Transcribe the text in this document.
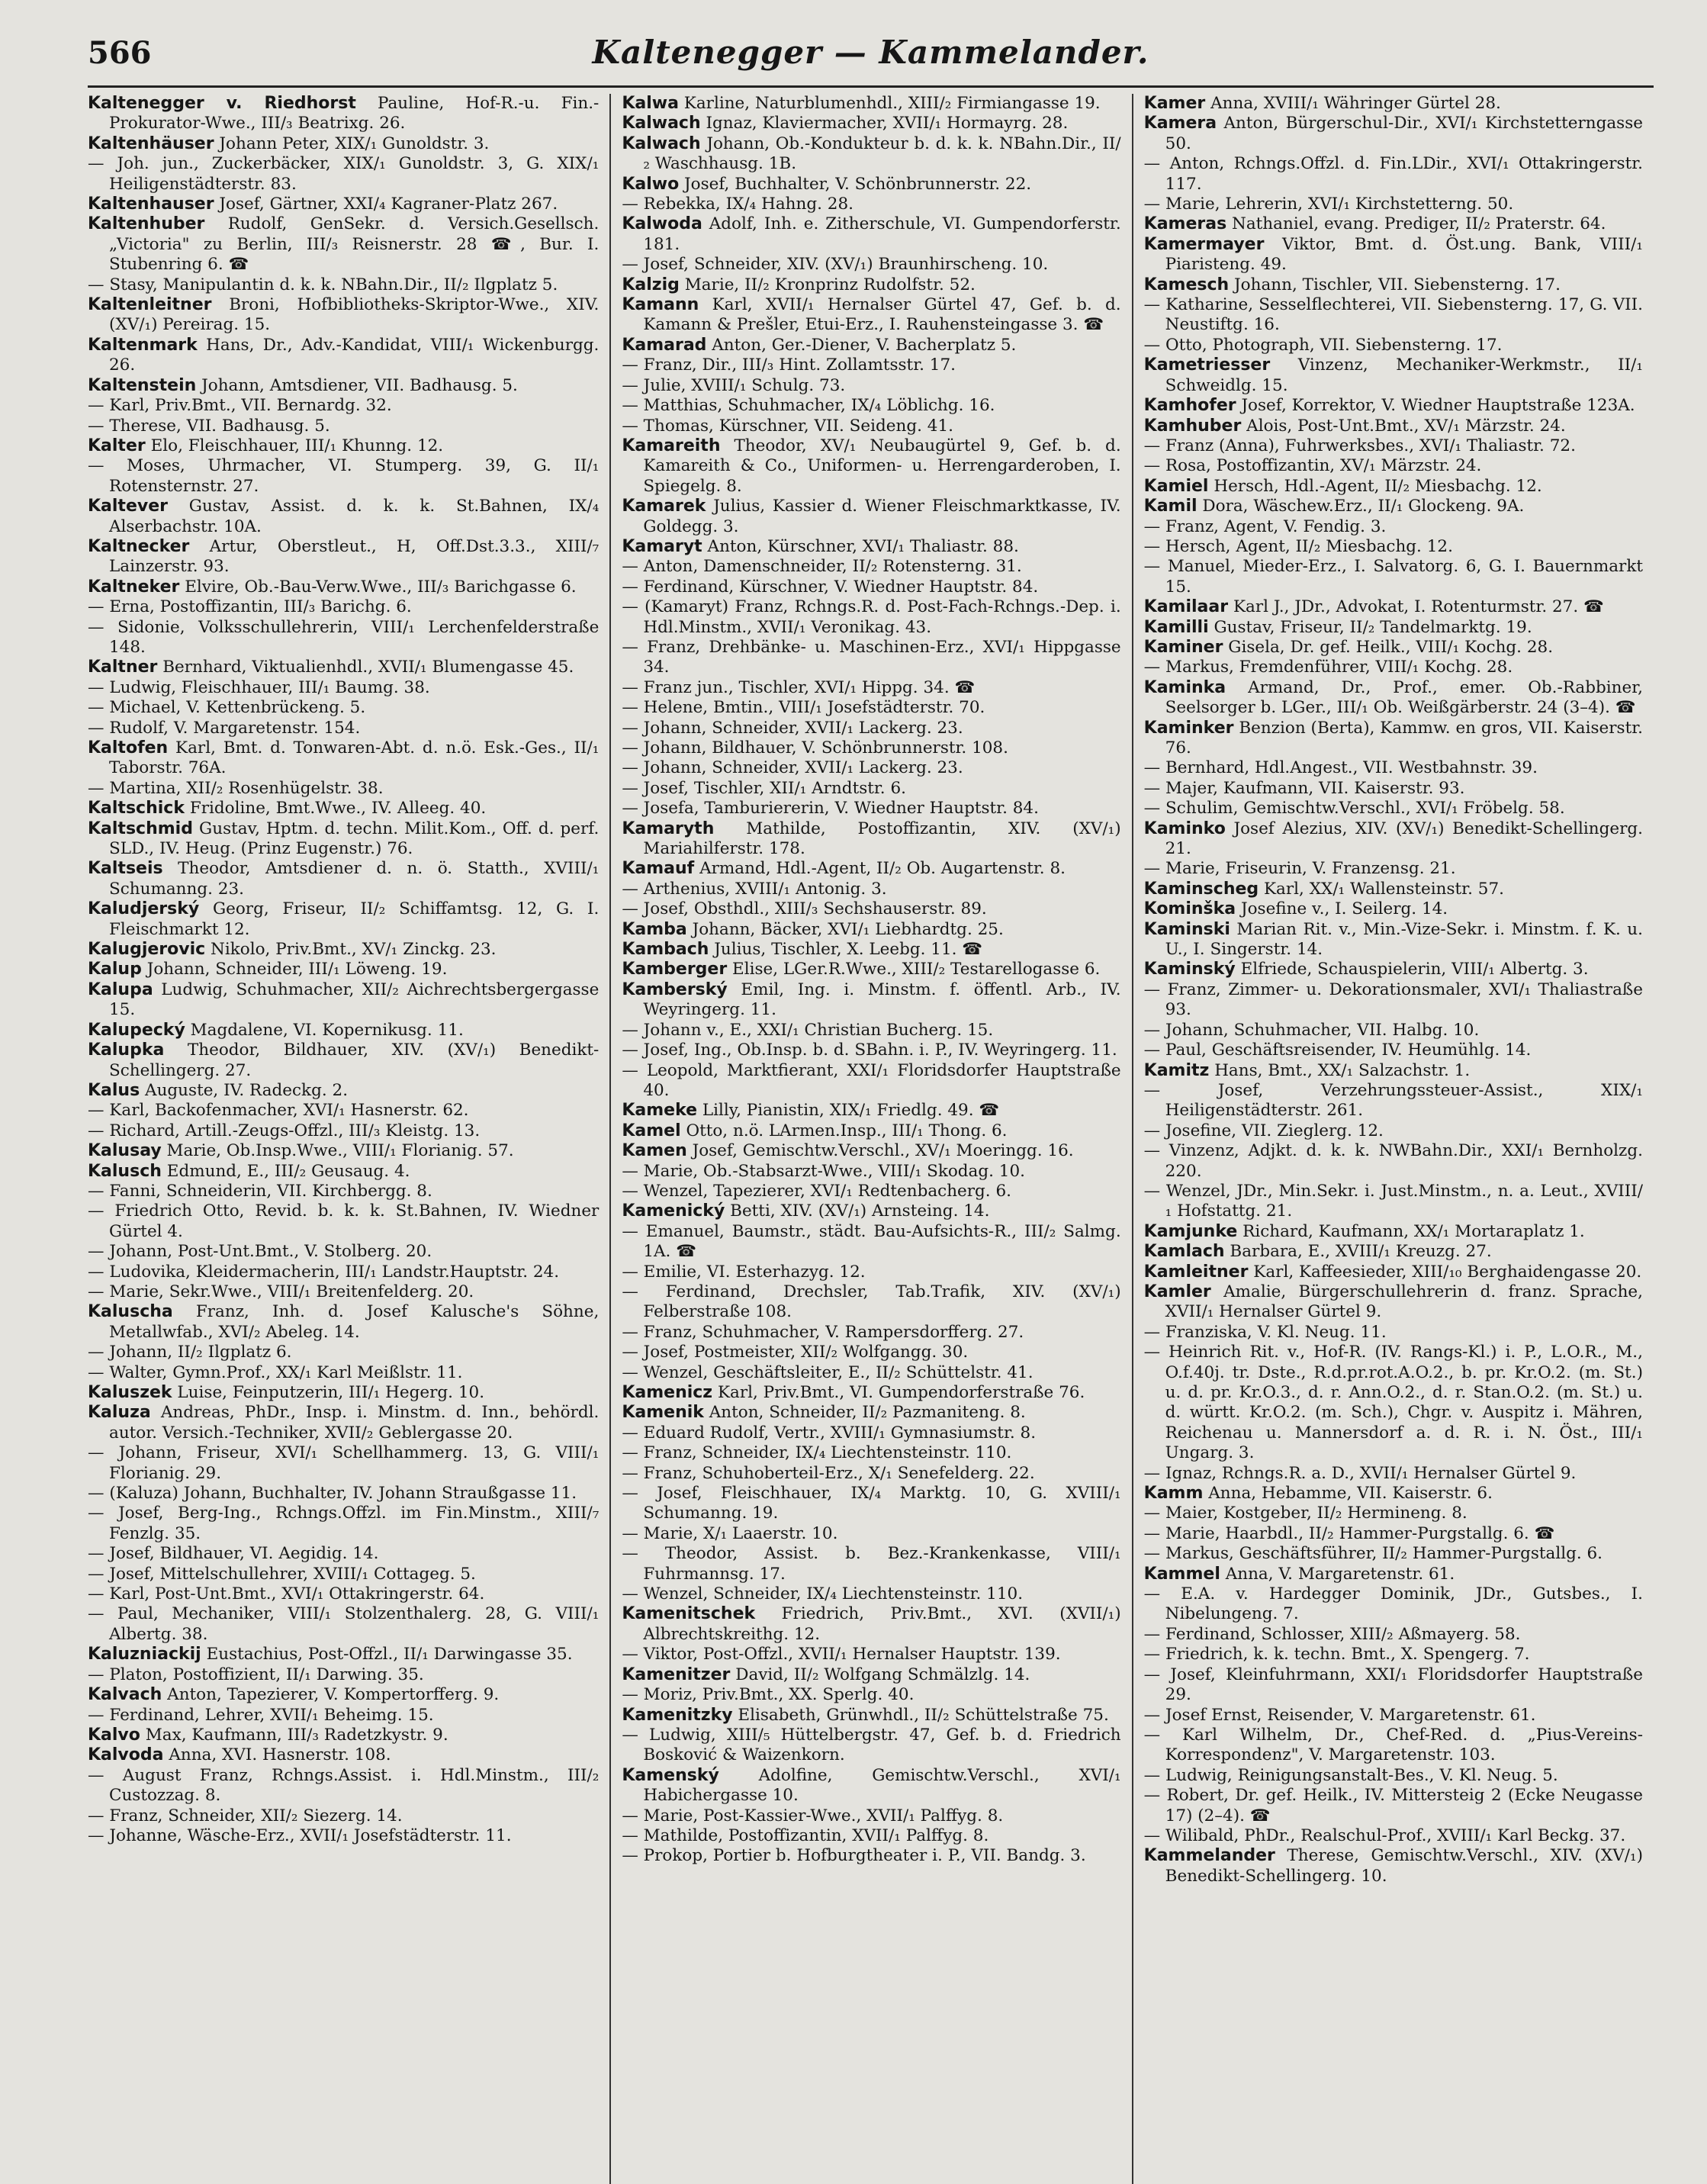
566	Kaltenegger — Kammelander.

Kaltenegger v. Riedhorst Pauline, Hof-R.-u. Fin.-Prokurator-Wwe., III/₃ Beatrixg. 26.

Kaltenhäuser Johann Peter, XIX/₁ Gunoldstr. 3.

— Joh. jun., Zuckerbäcker, XIX/₁ Gunoldstr. 3, G. XIX/₁ Heiligenstädterstr. 83.

Kaltenhauser Josef, Gärtner, XXI/₄ Kagraner-Platz 267.

Kaltenhuber Rudolf, GenSekr. d. Versich.Gesellsch. „Victoria" zu Berlin, III/₃ Reisnerstr. 28 ☎, Bur. I. Stubenring 6. ☎

— Stasy, Manipulantin d. k. k. NBahn.Dir., II/₂ Ilgplatz 5.

Kaltenleitner Broni, Hofbibliotheks-Skriptor-Wwe., XIV. (XV/₁) Pereirag. 15.

Kaltenmark Hans, Dr., Adv.-Kandidat, VIII/₁ Wickenburgg. 26.

Kaltenstein Johann, Amtsdiener, VII. Badhausg. 5.

— Karl, Priv.Bmt., VII. Bernardg. 32.

— Therese, VII. Badhausg. 5.

Kalter Elo, Fleischhauer, III/₁ Khunng. 12.

— Moses, Uhrmacher, VI. Stumperg. 39, G. II/₁ Rotensternstr. 27.

Kaltever Gustav, Assist. d. k. k. St.Bahnen, IX/₄ Alserbachstr. 10A.

Kaltnecker Artur, Oberstleut., H, Off.Dst.3.3., XIII/₇ Lainzerstr. 93.

Kaltneker Elvire, Ob.-Bau-Verw.Wwe., III/₃ Barichgasse 6.

— Erna, Postoffizantin, III/₃ Barichg. 6.

— Sidonie, Volksschullehrerin, VIII/₁ Lerchenfelderstraße 148.

Kaltner Bernhard, Viktualienhdl., XVII/₁ Blumengasse 45.

— Ludwig, Fleischhauer, III/₁ Baumg. 38.

— Michael, V. Kettenbrückeng. 5.

— Rudolf, V. Margaretenstr. 154.

Kaltofen Karl, Bmt. d. Tonwaren-Abt. d. n.ö. Esk.-Ges., II/₁ Taborstr. 76A.

— Martina, XII/₂ Rosenhügelstr. 38.

Kaltschick Fridoline, Bmt.Wwe., IV. Alleeg. 40.

Kaltschmid Gustav, Hptm. d. techn. Milit.Kom., Off. d. perf. SLD., IV. Heug. (Prinz Eugenstr.) 76.

Kaltseis Theodor, Amtsdiener d. n. ö. Statth., XVIII/₁ Schumanng. 23.

Kaludjerský Georg, Friseur, II/₂ Schiffamtsg. 12, G. I. Fleischmarkt 12.

Kalugjerovic Nikolo, Priv.Bmt., XV/₁ Zinckg. 23.

Kalup Johann, Schneider, III/₁ Löweng. 19.

Kalupa Ludwig, Schuhmacher, XII/₂ Aichrechtsbergergasse 15.

Kalupecký Magdalene, VI. Kopernikusg. 11.

Kalupka Theodor, Bildhauer, XIV. (XV/₁) Benedikt-Schellingerg. 27.

Kalus Auguste, IV. Radeckg. 2.

— Karl, Backofenmacher, XVI/₁ Hasnerstr. 62.

— Richard, Artill.-Zeugs-Offzl., III/₃ Kleistg. 13.

Kalusay Marie, Ob.Insp.Wwe., VIII/₁ Florianig. 57.

Kalusch Edmund, E., III/₂ Geusaug. 4.

— Fanni, Schneiderin, VII. Kirchbergg. 8.

— Friedrich Otto, Revid. b. k. k. St.Bahnen, IV. Wiedner Gürtel 4.

— Johann, Post-Unt.Bmt., V. Stolberg. 20.

— Ludovika, Kleidermacherin, III/₁ Landstr.Hauptstr. 24.

— Marie, Sekr.Wwe., VIII/₁ Breitenfelderg. 20.

Kaluscha Franz, Inh. d. Josef Kalusche's Söhne, Metallwfab., XVI/₂ Abeleg. 14.

— Johann, II/₂ Ilgplatz 6.

— Walter, Gymn.Prof., XX/₁ Karl Meißlstr. 11.

Kaluszek Luise, Feinputzerin, III/₁ Hegerg. 10.

Kaluza Andreas, PhDr., Insp. i. Minstm. d. Inn., behördl. autor. Versich.-Techniker, XVII/₂ Geblergasse 20.

— Johann, Friseur, XVI/₁ Schellhammerg. 13, G. VIII/₁ Florianig. 29.

— (Kaluza) Johann, Buchhalter, IV. Johann Straußgasse 11.

— Josef, Berg-Ing., Rchngs.Offzl. im Fin.Minstm., XIII/₇ Fenzlg. 35.

— Josef, Bildhauer, VI. Aegidig. 14.

— Josef, Mittelschullehrer, XVIII/₁ Cottageg. 5.

— Karl, Post-Unt.Bmt., XVI/₁ Ottakringerstr. 64.

— Paul, Mechaniker, VIII/₁ Stolzenthalerg. 28, G. VIII/₁ Albertg. 38.

Kaluzniackij Eustachius, Post-Offzl., II/₁ Darwingasse 35.

— Platon, Postoffizient, II/₁ Darwing. 35.

Kalvach Anton, Tapezierer, V. Kompertorfferg. 9.

— Ferdinand, Lehrer, XVII/₁ Beheimg. 15.

Kalvo Max, Kaufmann, III/₃ Radetzkystr. 9.

Kalvoda Anna, XVI. Hasnerstr. 108.

— August Franz, Rchngs.Assist. i. Hdl.Minstm., III/₂ Custozzag. 8.

— Franz, Schneider, XII/₂ Siezerg. 14.

— Johanne, Wäsche-Erz., XVII/₁ Josefstädterstr. 11.

Kalwa Karline, Naturblumenhdl., XIII/₂ Firmiangasse 19.

Kalwach Ignaz, Klaviermacher, XVII/₁ Hormayrg. 28.

Kalwach Johann, Ob.-Kondukteur b. d. k. k. NBahn.Dir., II/₂ Waschhausg. 1B.

Kalwo Josef, Buchhalter, V. Schönbrunnerstr. 22.

— Rebekka, IX/₄ Hahng. 28.

Kalwoda Adolf, Inh. e. Zitherschule, VI. Gumpendorferstr. 181.

— Josef, Schneider, XIV. (XV/₁) Braunhirscheng. 10.

Kalzig Marie, II/₂ Kronprinz Rudolfstr. 52.

Kamann Karl, XVII/₁ Hernalser Gürtel 47, Gef. b. d. Kamann & Prešler, Etui-Erz., I. Rauhensteingasse 3. ☎

Kamarad Anton, Ger.-Diener, V. Bacherplatz 5.

— Franz, Dir., III/₃ Hint. Zollamtsstr. 17.

— Julie, XVIII/₁ Schulg. 73.

— Matthias, Schuhmacher, IX/₄ Löblichg. 16.

— Thomas, Kürschner, VII. Seideng. 41.

Kamareith Theodor, XV/₁ Neubaugürtel 9, Gef. b. d. Kamareith & Co., Uniformen- u. Herrengarderoben, I. Spiegelg. 8.

Kamarek Julius, Kassier d. Wiener Fleischmarktkasse, IV. Goldegg. 3.

Kamaryt Anton, Kürschner, XVI/₁ Thaliastr. 88.

— Anton, Damenschneider, II/₂ Rotensterng. 31.

— Ferdinand, Kürschner, V. Wiedner Hauptstr. 84.

— (Kamaryt) Franz, Rchngs.R. d. Post-Fach-Rchngs.-Dep. i. Hdl.Minstm., XVII/₁ Veronikag. 43.

— Franz, Drehbänke- u. Maschinen-Erz., XVI/₁ Hippgasse 34.

— Franz jun., Tischler, XVI/₁ Hippg. 34. ☎

— Helene, Bmtin., VIII/₁ Josefstädterstr. 70.

— Johann, Schneider, XVII/₁ Lackerg. 23.

— Johann, Bildhauer, V. Schönbrunnerstr. 108.

— Johann, Schneider, XVII/₁ Lackerg. 23.

— Josef, Tischler, XII/₁ Arndtstr. 6.

— Josefa, Tamburiererin, V. Wiedner Hauptstr. 84.

Kamaryth Mathilde, Postoffizantin, XIV. (XV/₁) Mariahilferstr. 178.

Kamauf Armand, Hdl.-Agent, II/₂ Ob. Augartenstr. 8.

— Arthenius, XVIII/₁ Antonig. 3.

— Josef, Obsthdl., XIII/₃ Sechshauserstr. 89.

Kamba Johann, Bäcker, XVI/₁ Liebhardtg. 25.

Kambach Julius, Tischler, X. Leebg. 11. ☎

Kamberger Elise, LGer.R.Wwe., XIII/₂ Testarellogasse 6.

Kamberský Emil, Ing. i. Minstm. f. öffentl. Arb., IV. Weyringerg. 11.

— Johann v., E., XXI/₁ Christian Bucherg. 15.

— Josef, Ing., Ob.Insp. b. d. SBahn. i. P., IV. Weyringerg. 11.

— Leopold, Marktfierant, XXI/₁ Floridsdorfer Hauptstraße 40.

Kameke Lilly, Pianistin, XIX/₁ Friedlg. 49. ☎

Kamel Otto, n.ö. LArmen.Insp., III/₁ Thong. 6.

Kamen Josef, Gemischtw.Verschl., XV/₁ Moeringg. 16.

— Marie, Ob.-Stabsarzt-Wwe., VIII/₁ Skodag. 10.

— Wenzel, Tapezierer, XVI/₁ Redtenbacherg. 6.

Kamenický Betti, XIV. (XV/₁) Arnsteing. 14.

— Emanuel, Baumstr., städt. Bau-Aufsichts-R., III/₂ Salmg. 1A. ☎

— Emilie, VI. Esterhazyg. 12.

— Ferdinand, Drechsler, Tab.Trafik, XIV. (XV/₁) Felberstraße 108.

— Franz, Schuhmacher, V. Rampersdorfferg. 27.

— Josef, Postmeister, XII/₂ Wolfgangg. 30.

— Wenzel, Geschäftsleiter, E., II/₂ Schüttelstr. 41.

Kamenicz Karl, Priv.Bmt., VI. Gumpendorferstraße 76.

Kamenik Anton, Schneider, II/₂ Pazmaniteng. 8.

— Eduard Rudolf, Vertr., XVIII/₁ Gymnasiumstr. 8.

— Franz, Schneider, IX/₄ Liechtensteinstr. 110.

— Franz, Schuhoberteil-Erz., X/₁ Senefelderg. 22.

— Josef, Fleischhauer, IX/₄ Marktg. 10, G. XVIII/₁ Schumanng. 19.

— Marie, X/₁ Laaerstr. 10.

— Theodor, Assist. b. Bez.-Krankenkasse, VIII/₁ Fuhrmannsg. 17.

— Wenzel, Schneider, IX/₄ Liechtensteinstr. 110.

Kamenitschek Friedrich, Priv.Bmt., XVI. (XVII/₁) Albrechtskreithg. 12.

— Viktor, Post-Offzl., XVII/₁ Hernalser Hauptstr. 139.

Kamenitzer David, II/₂ Wolfgang Schmälzlg. 14.

— Moriz, Priv.Bmt., XX. Sperlg. 40.

Kamenitzky Elisabeth, Grünwhdl., II/₂ Schüttelstraße 75.

— Ludwig, XIII/₅ Hüttelbergstr. 47, Gef. b. d. Friedrich Bosković & Waizenkorn.

Kamenský Adolfine, Gemischtw.Verschl., XVI/₁ Habichergasse 10.

— Marie, Post-Kassier-Wwe., XVII/₁ Palffyg. 8.

— Mathilde, Postoffizantin, XVII/₁ Palffyg. 8.

— Prokop, Portier b. Hofburgtheater i. P., VII. Bandg. 3.

Kamer Anna, XVIII/₁ Währinger Gürtel 28.

Kamera Anton, Bürgerschul-Dir., XVI/₁ Kirchstetterngasse 50.

— Anton, Rchngs.Offzl. d. Fin.LDir., XVI/₁ Ottakringerstr. 117.

— Marie, Lehrerin, XVI/₁ Kirchstetterng. 50.

Kameras Nathaniel, evang. Prediger, II/₂ Praterstr. 64.

Kamermayer Viktor, Bmt. d. Öst.ung. Bank, VIII/₁ Piaristeng. 49.

Kamesch Johann, Tischler, VII. Siebensterng. 17.

— Katharine, Sesselflechterei, VII. Siebensterng. 17, G. VII. Neustiftg. 16.

— Otto, Photograph, VII. Siebensterng. 17.

Kametriesser Vinzenz, Mechaniker-Werkmstr., II/₁ Schweidlg. 15.

Kamhofer Josef, Korrektor, V. Wiedner Hauptstraße 123A.

Kamhuber Alois, Post-Unt.Bmt., XV/₁ Märzstr. 24.

— Franz (Anna), Fuhrwerksbes., XVI/₁ Thaliastr. 72.

— Rosa, Postoffizantin, XV/₁ Märzstr. 24.

Kamiel Hersch, Hdl.-Agent, II/₂ Miesbachg. 12.

Kamil Dora, Wäschew.Erz., II/₁ Glockeng. 9A.

— Franz, Agent, V. Fendig. 3.

— Hersch, Agent, II/₂ Miesbachg. 12.

— Manuel, Mieder-Erz., I. Salvatorg. 6, G. I. Bauernmarkt 15.

Kamilaar Karl J., JDr., Advokat, I. Rotenturmstr. 27. ☎

Kamilli Gustav, Friseur, II/₂ Tandelmarktg. 19.

Kaminer Gisela, Dr. gef. Heilk., VIII/₁ Kochg. 28.

— Markus, Fremdenführer, VIII/₁ Kochg. 28.

Kaminka Armand, Dr., Prof., emer. Ob.-Rabbiner, Seelsorger b. LGer., III/₁ Ob. Weißgärberstr. 24 (3–4). ☎

Kaminker Benzion (Berta), Kammw. en gros, VII. Kaiserstr. 76.

— Bernhard, Hdl.Angest., VII. Westbahnstr. 39.

— Majer, Kaufmann, VII. Kaiserstr. 93.

— Schulim, Gemischtw.Verschl., XVI/₁ Fröbelg. 58.

Kaminko Josef Alezius, XIV. (XV/₁) Benedikt-Schellingerg. 21.

— Marie, Friseurin, V. Franzensg. 21.

Kaminscheg Karl, XX/₁ Wallensteinstr. 57.

Kominška Josefine v., I. Seilerg. 14.

Kaminski Marian Rit. v., Min.-Vize-Sekr. i. Minstm. f. K. u. U., I. Singerstr. 14.

Kaminský Elfriede, Schauspielerin, VIII/₁ Albertg. 3.

— Franz, Zimmer- u. Dekorationsmaler, XVI/₁ Thaliastraße 93.

— Johann, Schuhmacher, VII. Halbg. 10.

— Paul, Geschäftsreisender, IV. Heumühlg. 14.

Kamitz Hans, Bmt., XX/₁ Salzachstr. 1.

— Josef, Verzehrungssteuer-Assist., XIX/₁ Heiligenstädterstr. 261.

— Josefine, VII. Zieglerg. 12.

— Vinzenz, Adjkt. d. k. k. NWBahn.Dir., XXI/₁ Bernholzg. 220.

— Wenzel, JDr., Min.Sekr. i. Just.Minstm., n. a. Leut., XVIII/₁ Hofstattg. 21.

Kamjunke Richard, Kaufmann, XX/₁ Mortaraplatz 1.

Kamlach Barbara, E., XVIII/₁ Kreuzg. 27.

Kamleitner Karl, Kaffeesieder, XIII/₁₀ Berghaidengasse 20.

Kamler Amalie, Bürgerschullehrerin d. franz. Sprache, XVII/₁ Hernalser Gürtel 9.

— Franziska, V. Kl. Neug. 11.

— Heinrich Rit. v., Hof-R. (IV. Rangs-Kl.) i. P., L.O.R., M., O.f.40j. tr. Dste., R.d.pr.rot.A.O.2., b. pr. Kr.O.2. (m. St.) u. d. pr. Kr.O.3., d. r. Ann.O.2., d. r. Stan.O.2. (m. St.) u. d. württ. Kr.O.2. (m. Sch.), Chgr. v. Auspitz i. Mähren, Reichenau u. Mannersdorf a. d. R. i. N. Öst., III/₁ Ungarg. 3.

— Ignaz, Rchngs.R. a. D., XVII/₁ Hernalser Gürtel 9.

Kamm Anna, Hebamme, VII. Kaiserstr. 6.

— Maier, Kostgeber, II/₂ Hermineng. 8.

— Marie, Haarbdl., II/₂ Hammer-Purgstallg. 6. ☎

— Markus, Geschäftsführer, II/₂ Hammer-Purgstallg. 6.

Kammel Anna, V. Margaretenstr. 61.

— E.A. v. Hardegger Dominik, JDr., Gutsbes., I. Nibelungeng. 7.

— Ferdinand, Schlosser, XIII/₂ Aßmayerg. 58.

— Friedrich, k. k. techn. Bmt., X. Spengerg. 7.

— Josef, Kleinfuhrmann, XXI/₁ Floridsdorfer Hauptstraße 29.

— Josef Ernst, Reisender, V. Margaretenstr. 61.

— Karl Wilhelm, Dr., Chef-Red. d. „Pius-Vereins-Korrespondenz", V. Margaretenstr. 103.

— Ludwig, Reinigungsanstalt-Bes., V. Kl. Neug. 5.

— Robert, Dr. gef. Heilk., IV. Mittersteig 2 (Ecke Neugasse 17) (2–4). ☎

— Wilibald, PhDr., Realschul-Prof., XVIII/₁ Karl Beckg. 37.

Kammelander Therese, Gemischtw.Verschl., XIV. (XV/₁) Benedikt-Schellingerg. 10.
